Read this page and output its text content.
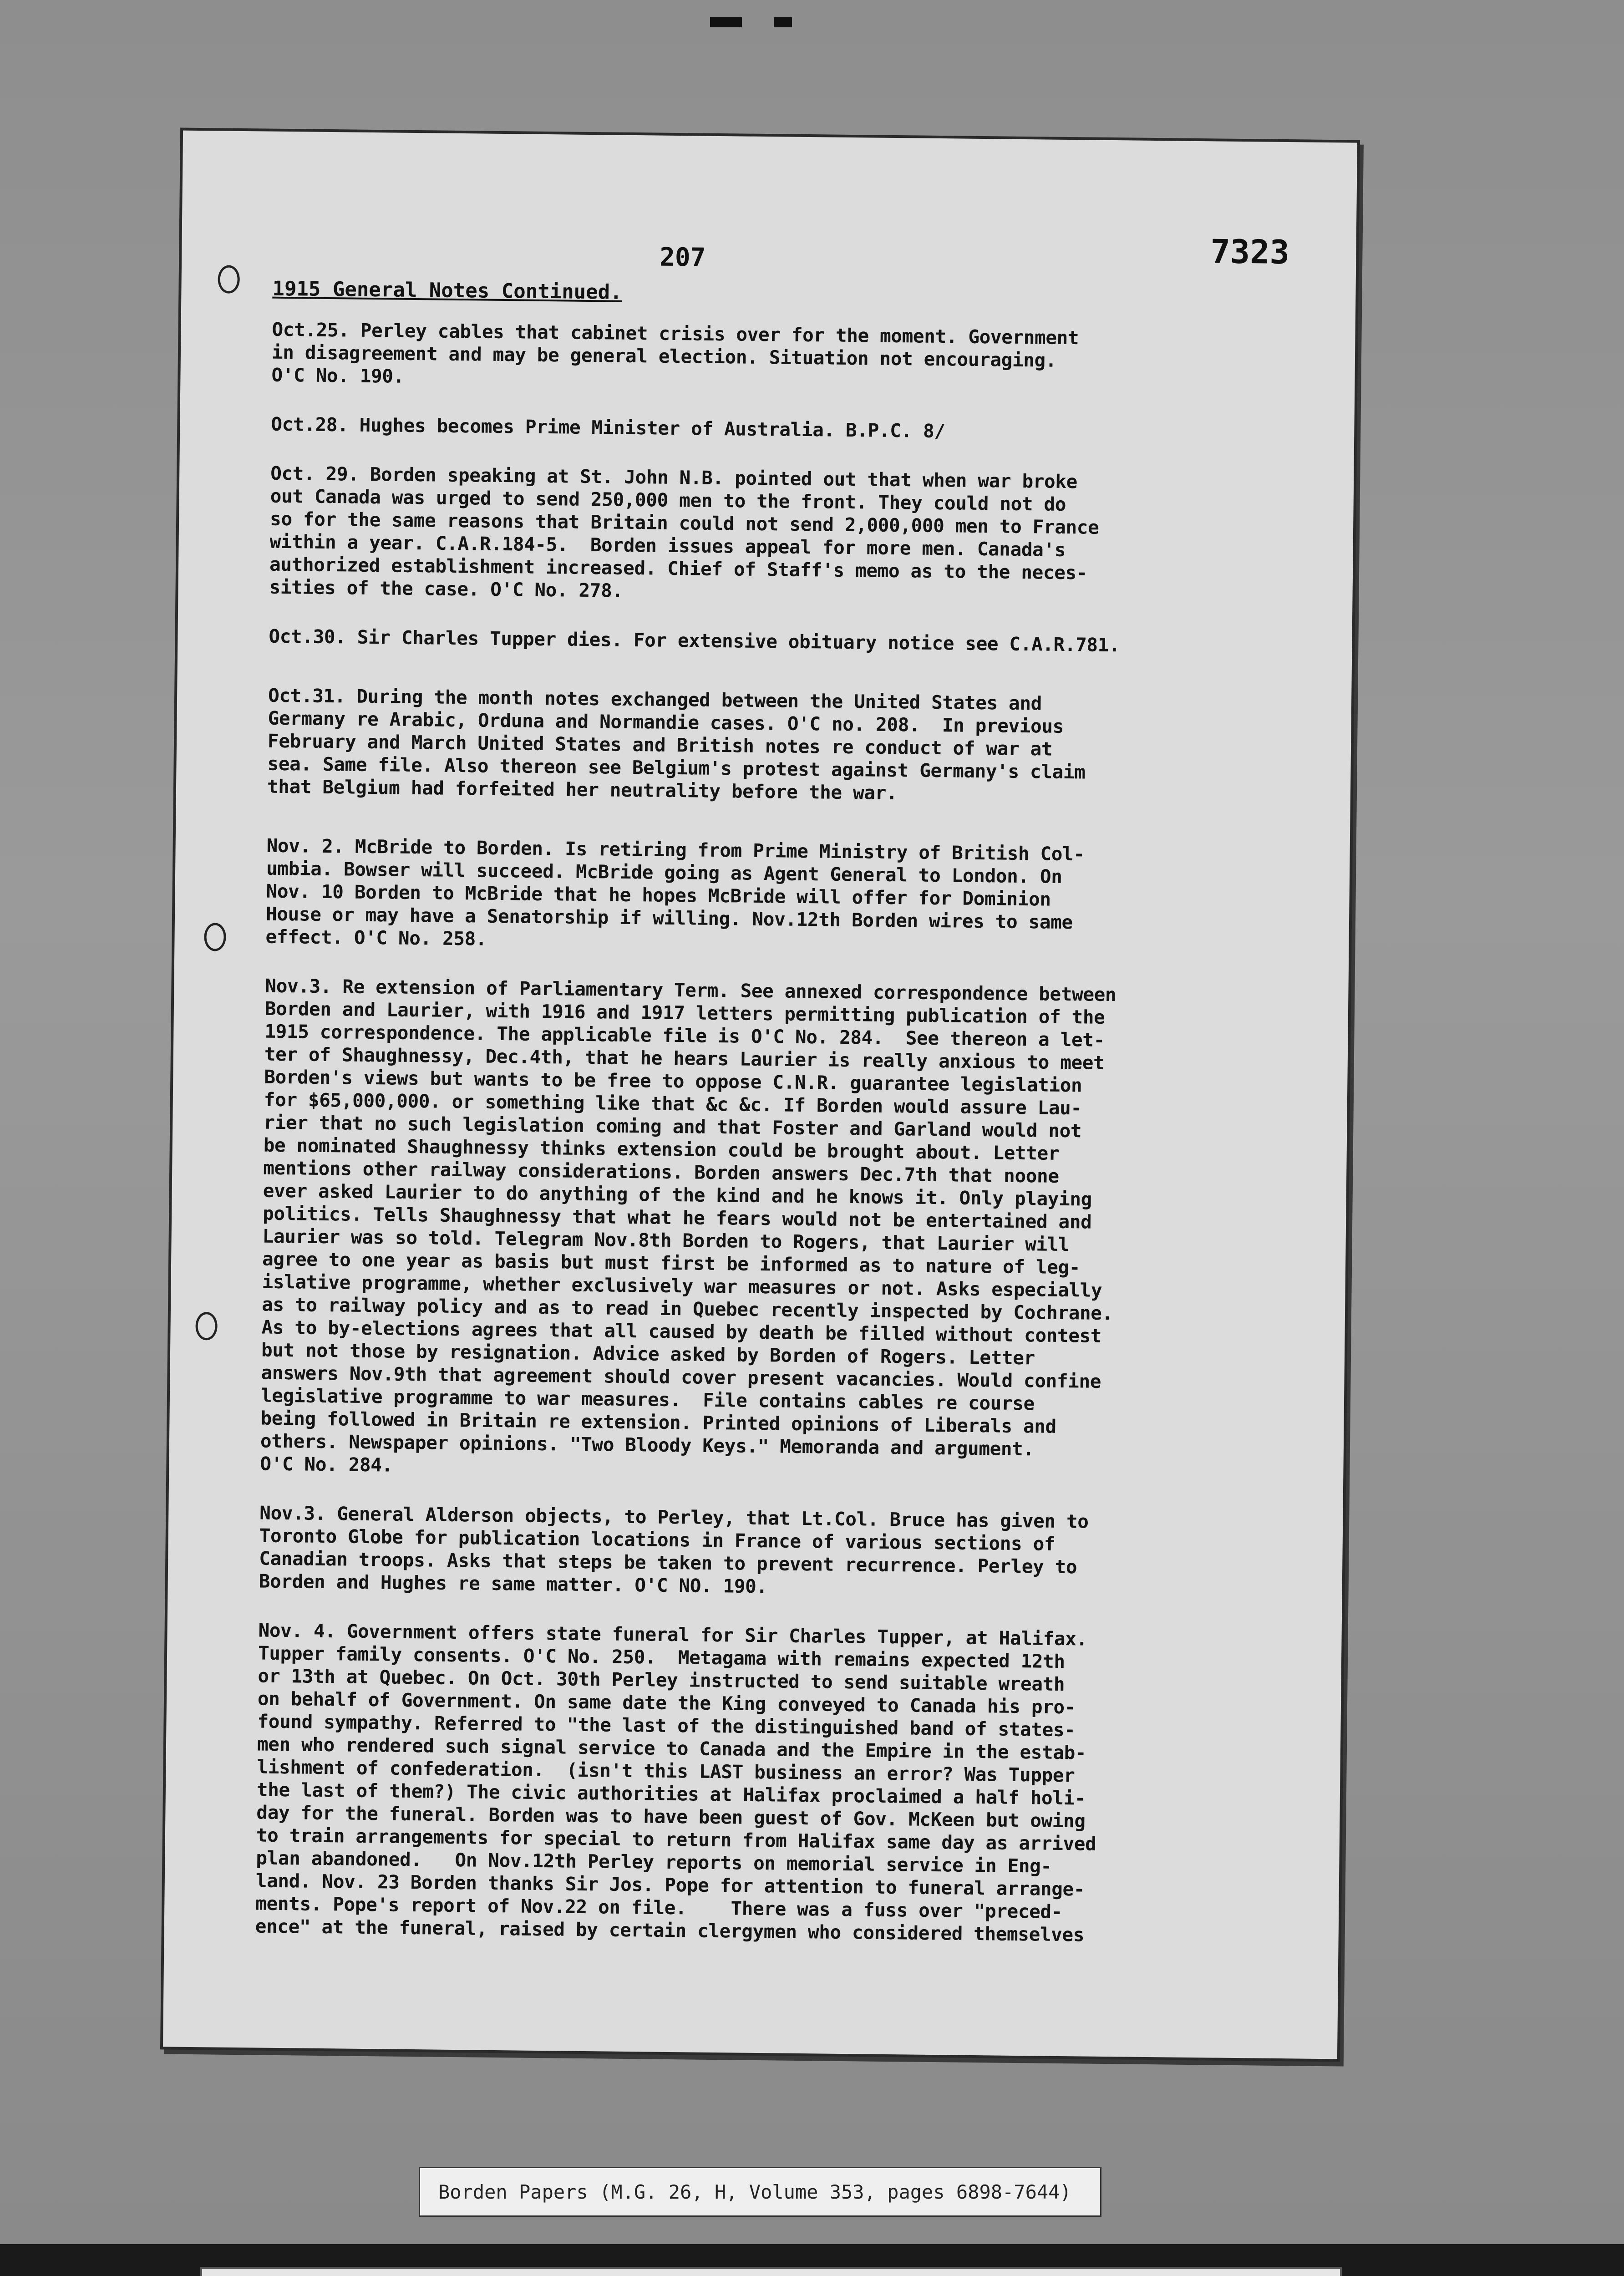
207	7323
1915 General Notes Continued.
Oct.25. Perley cables that cabinet crisis over for the moment. Government
in disagreement and may be general election. Situation not encouraging.
O'C No. 190.
Oct.28. Hughes becomes Prime Minister of Australia. B.P.C. 8/
Oct. 29. Borden speaking at St. John N.B. pointed out that when war broke
out Canada was urged to send 250,000 men to the front. They could not do
so for the same reasons that Britain could not send 2,000,000 men to France
within a year. C.A.R.184-5.  Borden issues appeal for more men. Canada's
authorized establishment increased. Chief of Staff's memo as to the neces-
sities of the case. O'C No. 278.
Oct.30. Sir Charles Tupper dies. For extensive obituary notice see C.A.R.781.
Oct.31. During the month notes exchanged between the United States and
Germany re Arabic, Orduna and Normandie cases. O'C no. 208.  In previous
February and March United States and British notes re conduct of war at
sea. Same file. Also thereon see Belgium's protest against Germany's claim
that Belgium had forfeited her neutrality before the war.
Nov. 2. McBride to Borden. Is retiring from Prime Ministry of British Col-
umbia. Bowser will succeed. McBride going as Agent General to London. On
Nov. 10 Borden to McBride that he hopes McBride will offer for Dominion
House or may have a Senatorship if willing. Nov.12th Borden wires to same
effect. O'C No. 258.
Nov.3. Re extension of Parliamentary Term. See annexed correspondence between
Borden and Laurier, with 1916 and 1917 letters permitting publication of the
1915 correspondence. The applicable file is O'C No. 284.  See thereon a let-
ter of Shaughnessy, Dec.4th, that he hears Laurier is really anxious to meet
Borden's views but wants to be free to oppose C.N.R. guarantee legislation
for $65,000,000. or something like that &c &c. If Borden would assure Lau-
rier that no such legislation coming and that Foster and Garland would not
be nominated Shaughnessy thinks extension could be brought about. Letter
mentions other railway considerations. Borden answers Dec.7th that noone
ever asked Laurier to do anything of the kind and he knows it. Only playing
politics. Tells Shaughnessy that what he fears would not be entertained and
Laurier was so told. Telegram Nov.8th Borden to Rogers, that Laurier will
agree to one year as basis but must first be informed as to nature of leg-
islative programme, whether exclusively war measures or not. Asks especially
as to railway policy and as to read in Quebec recently inspected by Cochrane.
As to by-elections agrees that all caused by death be filled without contest
but not those by resignation. Advice asked by Borden of Rogers. Letter
answers Nov.9th that agreement should cover present vacancies. Would confine
legislative programme to war measures.  File contains cables re course
being followed in Britain re extension. Printed opinions of Liberals and
others. Newspaper opinions. "Two Bloody Keys." Memoranda and argument.
O'C No. 284.
Nov.3. General Alderson objects, to Perley, that Lt.Col. Bruce has given to
Toronto Globe for publication locations in France of various sections of
Canadian troops. Asks that steps be taken to prevent recurrence. Perley to
Borden and Hughes re same matter. O'C NO. 190.
Nov. 4. Government offers state funeral for Sir Charles Tupper, at Halifax.
Tupper family consents. O'C No. 250.  Metagama with remains expected 12th
or 13th at Quebec. On Oct. 30th Perley instructed to send suitable wreath
on behalf of Government. On same date the King conveyed to Canada his pro-
found sympathy. Referred to "the last of the distinguished band of states-
men who rendered such signal service to Canada and the Empire in the estab-
lishment of confederation.  (isn't this LAST business an error? Was Tupper
the last of them?) The civic authorities at Halifax proclaimed a half holi-
day for the funeral. Borden was to have been guest of Gov. McKeen but owing
to train arrangements for special to return from Halifax same day as arrived
plan abandoned.   On Nov.12th Perley reports on memorial service in Eng-
land. Nov. 23 Borden thanks Sir Jos. Pope for attention to funeral arrange-
ments. Pope's report of Nov.22 on file.    There was a fuss over "preced-
ence" at the funeral, raised by certain clergymen who considered themselves
Borden Papers (M.G. 26, H, Volume 353, pages 6898-7644)
